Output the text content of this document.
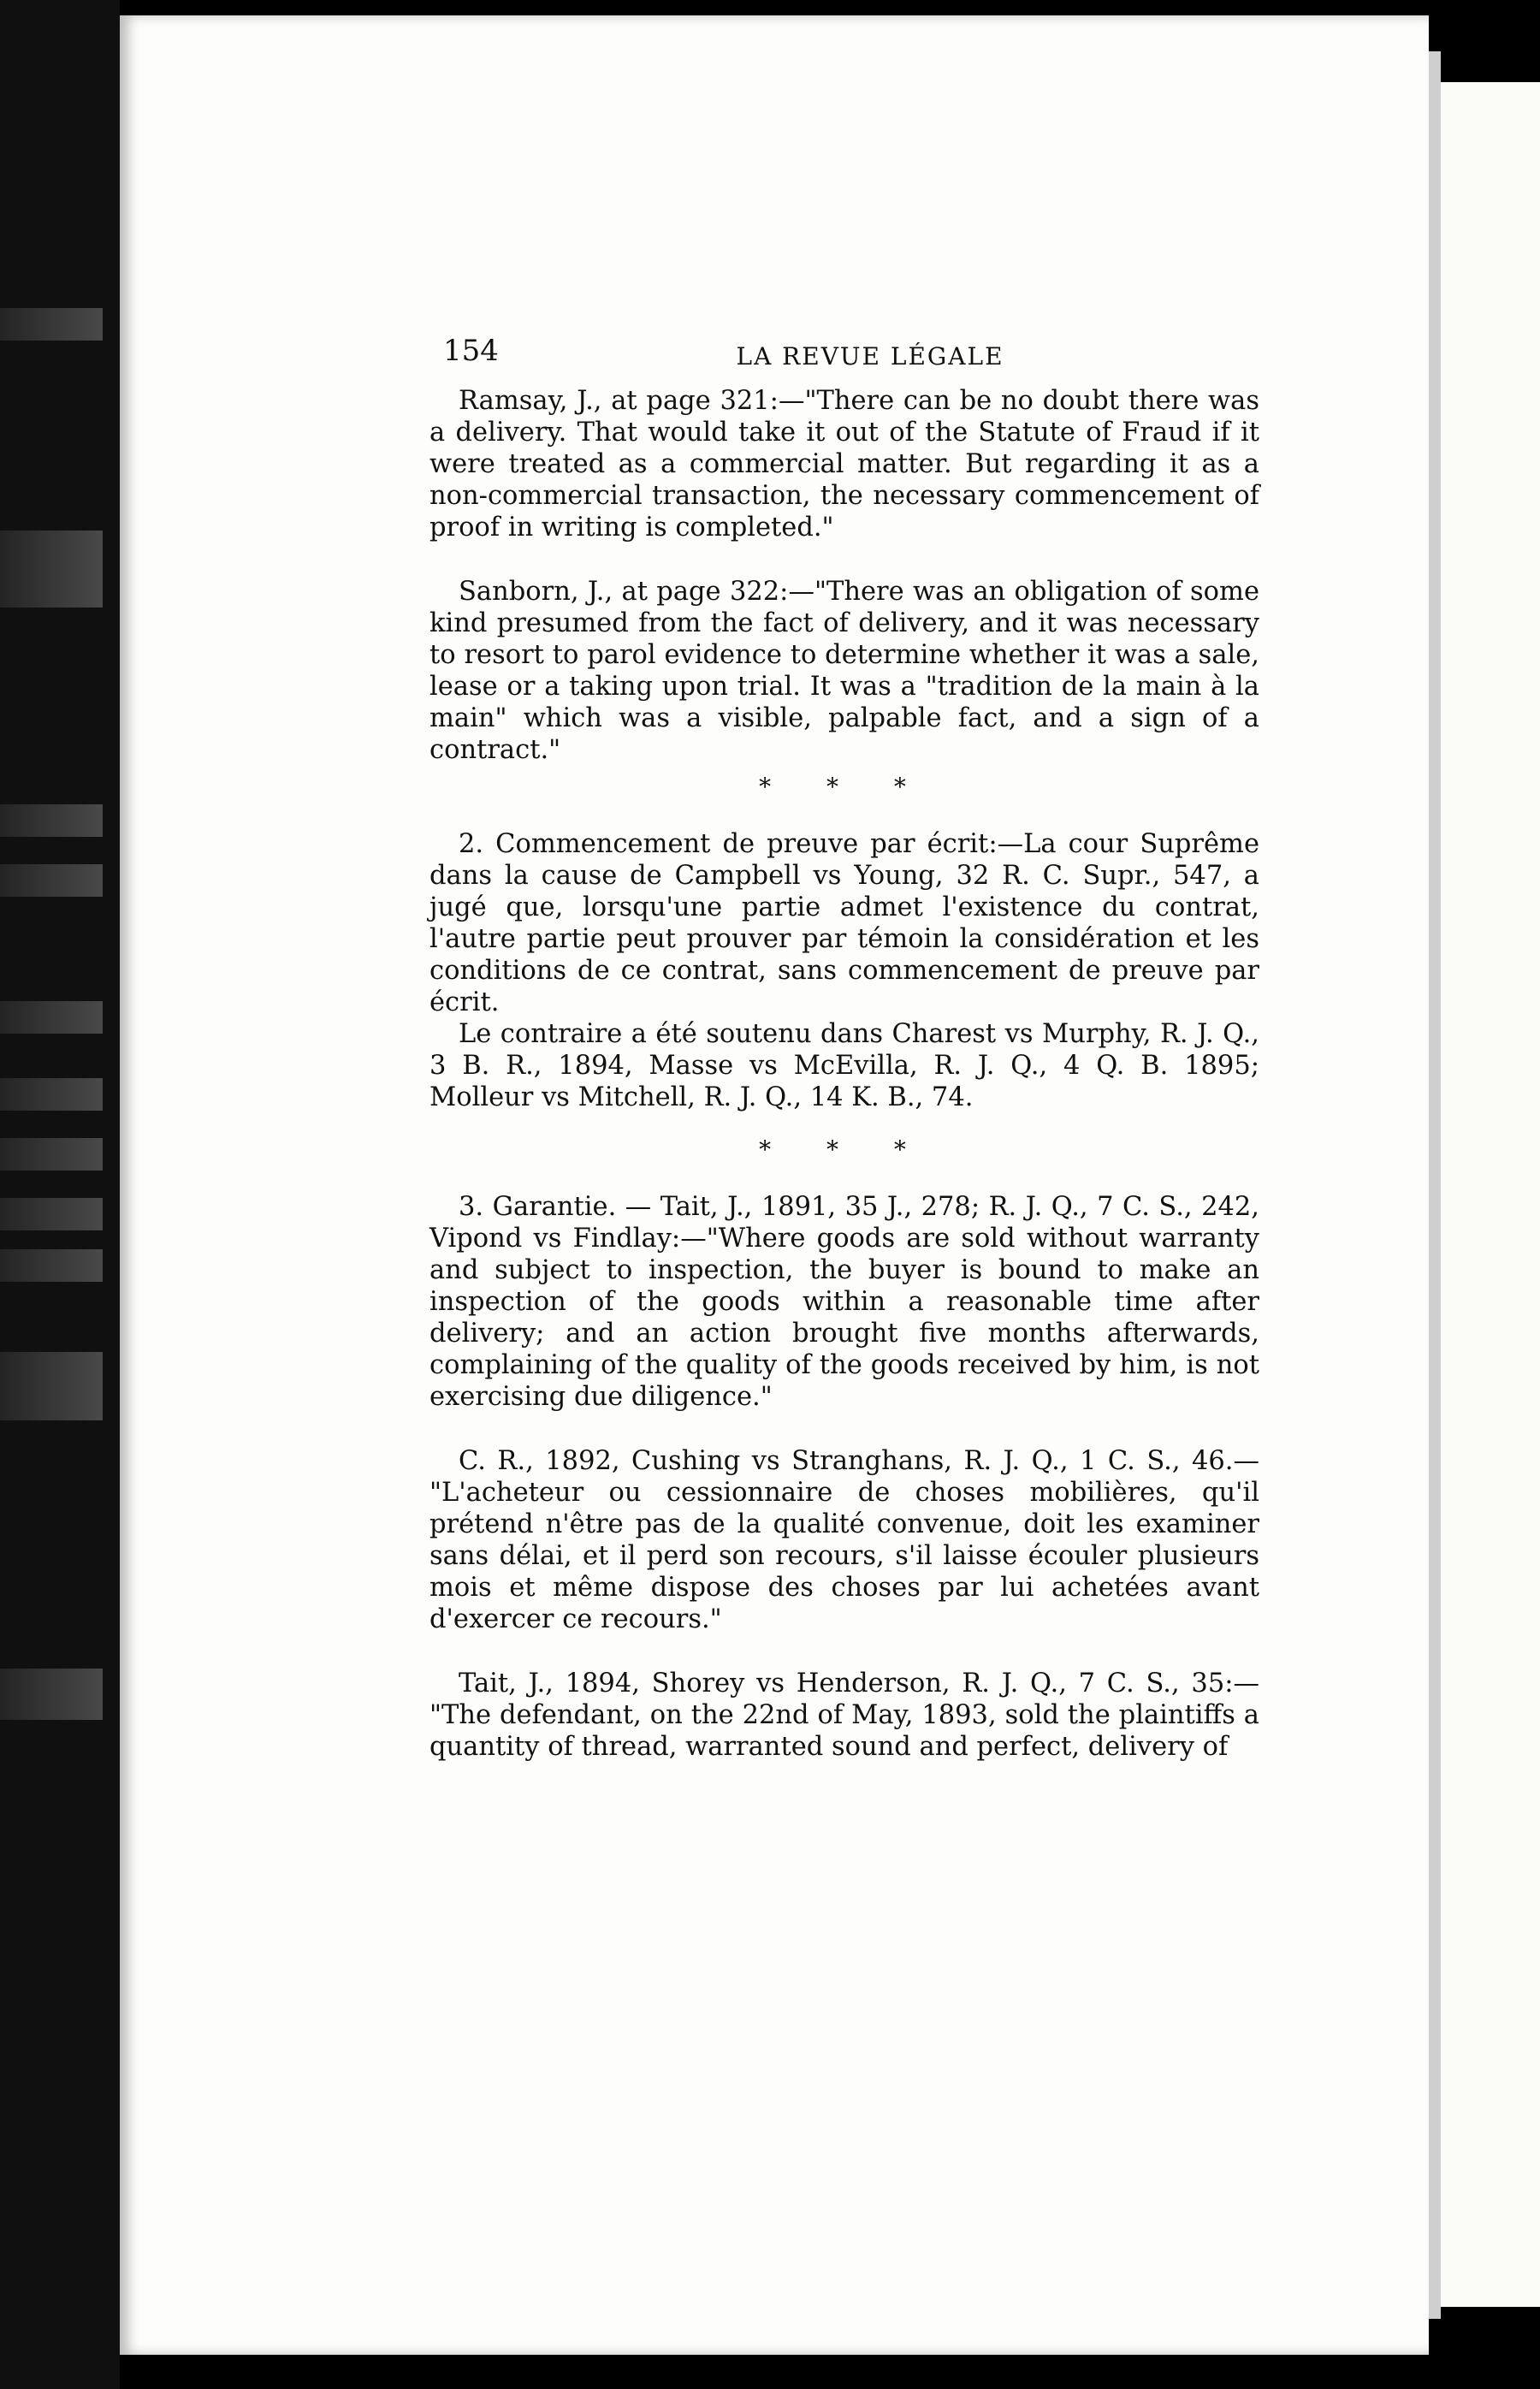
154	LA REVUE LÉGALE

Ramsay, J., at page 321:—"There can be no doubt there was a delivery. That would take it out of the Statute of Fraud if it were treated as a commercial matter. But regarding it as a non-commercial transaction, the necessary commencement of proof in writing is completed."

Sanborn, J., at page 322:—"There was an obligation of some kind presumed from the fact of delivery, and it was necessary to resort to parol evidence to determine whether it was a sale, lease or a taking upon trial. It was a "tradition de la main à la main" which was a visible, palpable fact, and a sign of a contract."

* * *

2. Commencement de preuve par écrit:—La cour Suprême dans la cause de Campbell vs Young, 32 R. C. Supr., 547, a jugé que, lorsqu'une partie admet l'existence du contrat, l'autre partie peut prouver par témoin la considération et les conditions de ce contrat, sans commencement de preuve par écrit.

Le contraire a été soutenu dans Charest vs Murphy, R. J. Q., 3 B. R., 1894, Masse vs McEvilla, R. J. Q., 4 Q. B. 1895; Molleur vs Mitchell, R. J. Q., 14 K. B., 74.

* * *

3. Garantie. — Tait, J., 1891, 35 J., 278; R. J. Q., 7 C. S., 242, Vipond vs Findlay:—"Where goods are sold without warranty and subject to inspection, the buyer is bound to make an inspection of the goods within a reasonable time after delivery; and an action brought five months afterwards, complaining of the quality of the goods received by him, is not exercising due diligence."

C. R., 1892, Cushing vs Stranghans, R. J. Q., 1 C. S., 46.— "L'acheteur ou cessionnaire de choses mobilières, qu'il prétend n'être pas de la qualité convenue, doit les examiner sans délai, et il perd son recours, s'il laisse écouler plusieurs mois et même dispose des choses par lui achetées avant d'exercer ce recours."

Tait, J., 1894, Shorey vs Henderson, R. J. Q., 7 C. S., 35:— "The defendant, on the 22nd of May, 1893, sold the plaintiffs a quantity of thread, warranted sound and perfect, delivery of
